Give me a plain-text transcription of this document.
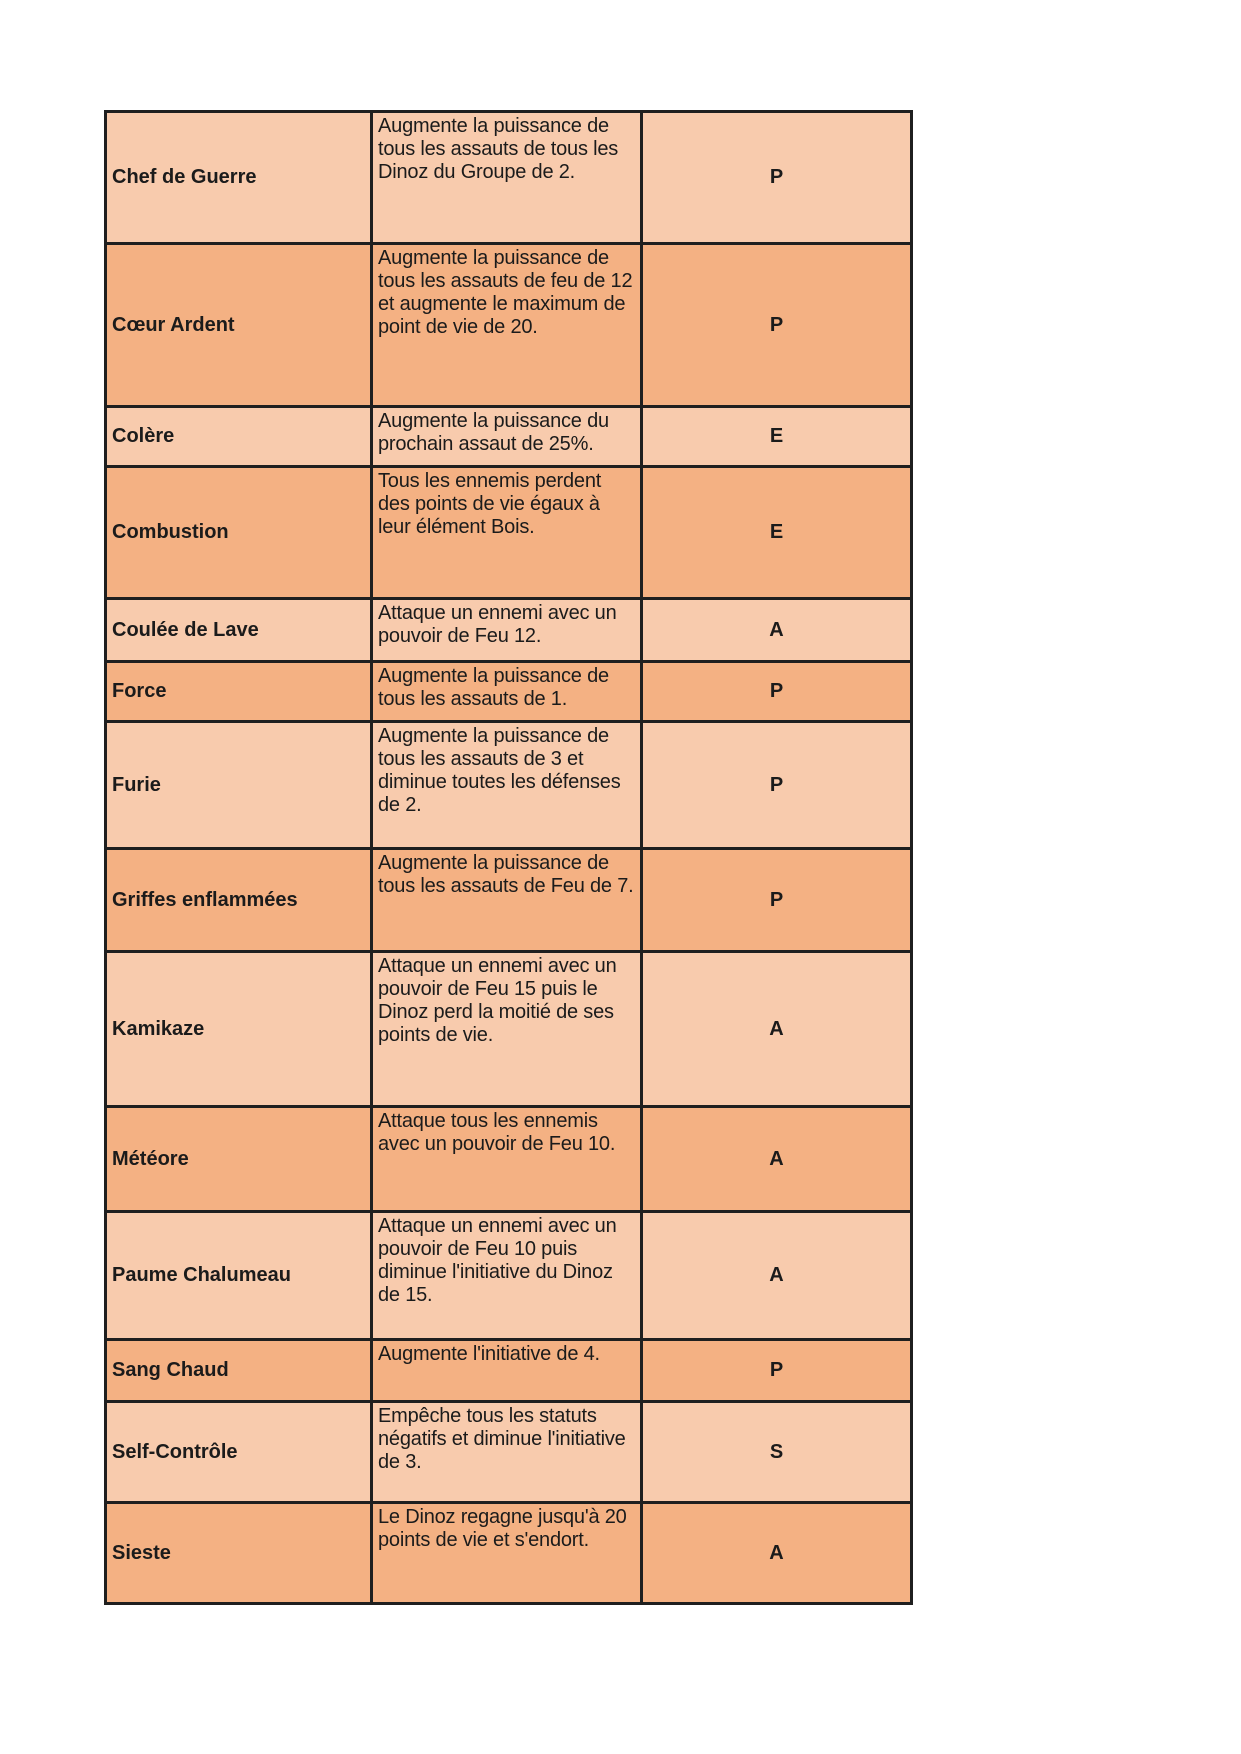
Chef de Guerre	Augmente la puissance de tous les assauts de tous les Dinoz du Groupe de 2.	P
Cœur Ardent	Augmente la puissance de tous les assauts de feu de 12 et augmente le maximum de point de vie de 20.	P
Colère	Augmente la puissance du prochain assaut de 25%.	E
Combustion	Tous les ennemis perdent des points de vie égaux à leur élément Bois.	E
Coulée de Lave	Attaque un ennemi avec un pouvoir de Feu 12.	A
Force	Augmente la puissance de tous les assauts de 1.	P
Furie	Augmente la puissance de tous les assauts de 3 et diminue toutes les défenses de 2.	P
Griffes enflammées	Augmente la puissance de tous les assauts de Feu de 7.	P
Kamikaze	Attaque un ennemi avec un pouvoir de Feu 15 puis le Dinoz perd la moitié de ses points de vie.	A
Météore	Attaque tous les ennemis avec un pouvoir de Feu 10.	A
Paume Chalumeau	Attaque un ennemi avec un pouvoir de Feu 10 puis diminue l'initiative du Dinoz de 15.	A
Sang Chaud	Augmente l'initiative de 4.	P
Self-Contrôle	Empêche tous les statuts négatifs et diminue l'initiative de 3.	S
Sieste	Le Dinoz regagne jusqu'à 20 points de vie et s'endort.	A
